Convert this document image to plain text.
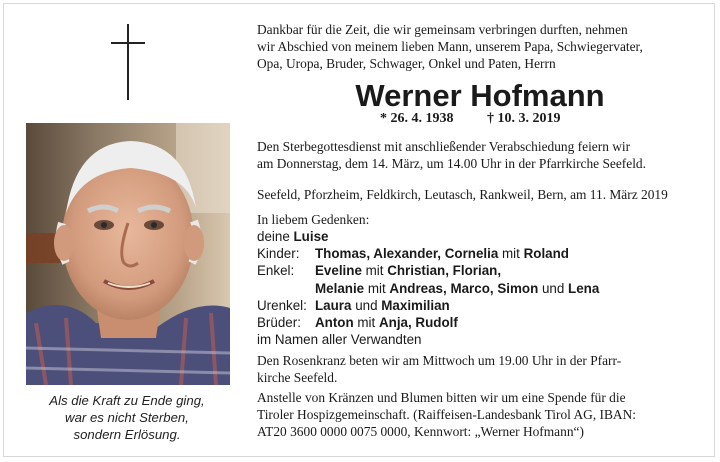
Als die Kraft zu Ende ging,
war es nicht Sterben,
sondern Erlösung.
Dankbar für die Zeit, die wir gemeinsam verbringen durften, nehmen
wir Abschied von meinem lieben Mann, unserem Papa, Schwiegervater,
Opa, Uropa, Bruder, Schwager, Onkel und Paten, Herrn
Werner Hofmann
* 26. 4. 1938 † 10. 3. 2019
Den Sterbegottesdienst mit anschließender Verabschiedung feiern wir
am Donnerstag, dem 14. März, um 14.00 Uhr in der Pfarrkirche Seefeld.
Seefeld, Pforzheim, Feldkirch, Leutasch, Rankweil, Bern, am 11. März 2019
In liebem Gedenken:
deine Luise
Kinder: Thomas, Alexander, Cornelia mit Roland
Enkel: Eveline mit Christian, Florian,
Melanie mit Andreas, Marco, Simon und Lena
Urenkel: Laura und Maximilian
Brüder: Anton mit Anja, Rudolf
im Namen aller Verwandten
Den Rosenkranz beten wir am Mittwoch um 19.00 Uhr in der Pfarr-
kirche Seefeld.
Anstelle von Kränzen und Blumen bitten wir um eine Spende für die
Tiroler Hospizgemeinschaft. (Raiffeisen-Landesbank Tirol AG, IBAN:
AT20 3600 0000 0075 0000, Kennwort: „Werner Hofmann“)
